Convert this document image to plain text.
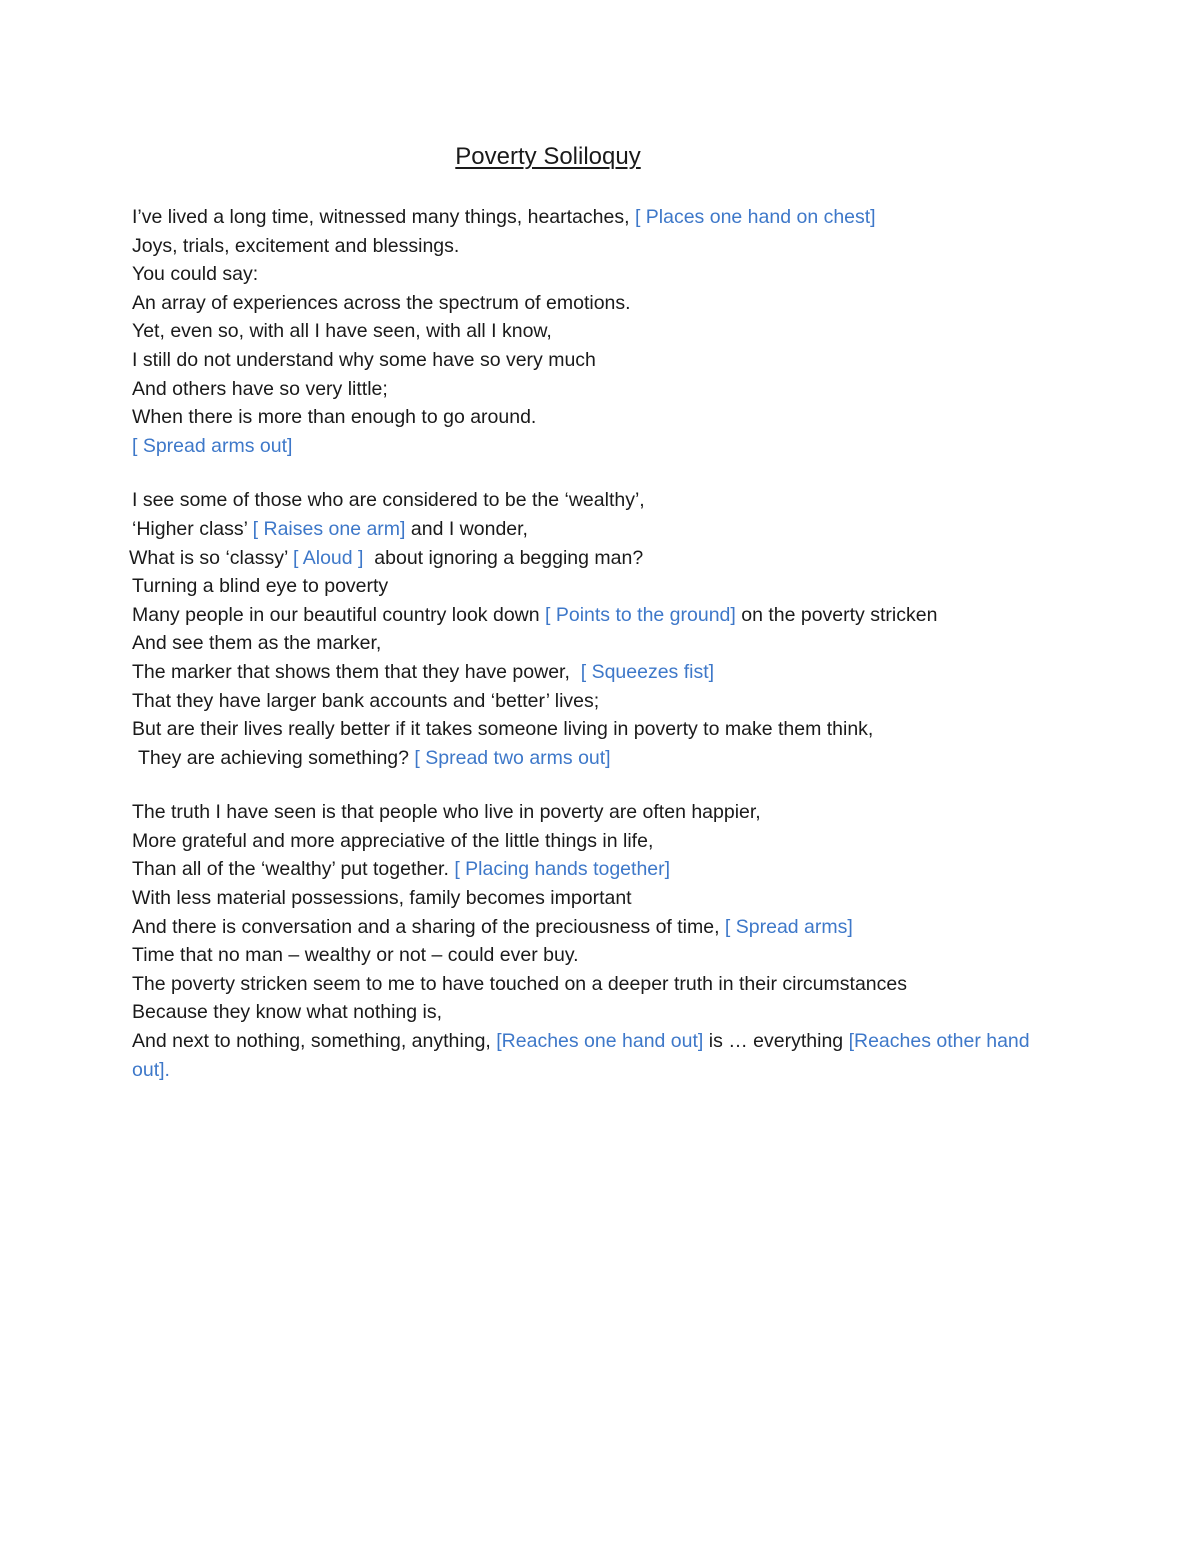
Poverty Soliloquy
I’ve lived a long time, witnessed many things, heartaches, [ Places one hand on chest]
Joys, trials, excitement and blessings.
You could say:
An array of experiences across the spectrum of emotions.
Yet, even so, with all I have seen, with all I know,
I still do not understand why some have so very much
And others have so very little;
When there is more than enough to go around.
[ Spread arms out]
I see some of those who are considered to be the ‘wealthy’,
‘Higher class’ [ Raises one arm] and I wonder,
What is so ‘classy’ [ Aloud ]  about ignoring a begging man?
Turning a blind eye to poverty
Many people in our beautiful country look down [ Points to the ground] on the poverty stricken
And see them as the marker,
The marker that shows them that they have power,  [ Squeezes fist]
That they have larger bank accounts and ‘better’ lives;
But are their lives really better if it takes someone living in poverty to make them think,
They are achieving something? [ Spread two arms out]
The truth I have seen is that people who live in poverty are often happier,
More grateful and more appreciative of the little things in life,
Than all of the ‘wealthy’ put together. [ Placing hands together]
With less material possessions, family becomes important
And there is conversation and a sharing of the preciousness of time, [ Spread arms]
Time that no man – wealthy or not – could ever buy.
The poverty stricken seem to me to have touched on a deeper truth in their circumstances
Because they know what nothing is,
And next to nothing, something, anything, [Reaches one hand out] is … everything [Reaches other hand out].
